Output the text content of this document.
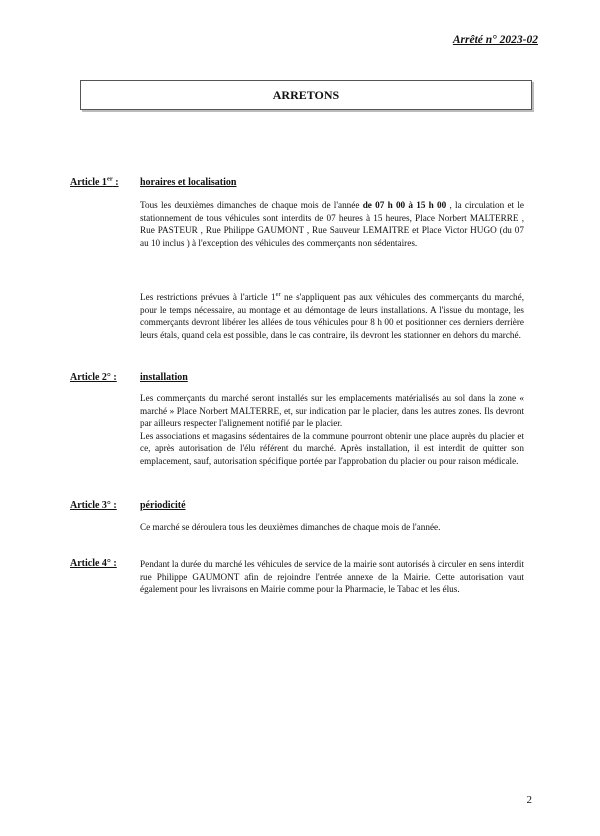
Arrêté n° 2023-02
ARRETONS
Article 1er : horaires et localisation

Tous les deuxièmes dimanches de chaque mois de l'année de 07 h 00 à 15 h 00 , la circulation et le stationnement de tous véhicules sont interdits de 07 heures à 15 heures, Place Norbert MALTERRE , Rue PASTEUR , Rue Philippe GAUMONT , Rue Sauveur LEMAITRE et Place Victor HUGO (du 07 au 10 inclus ) à l'exception des véhicules des commerçants non sédentaires.

Les restrictions prévues à l'article 1er ne s'appliquent pas aux véhicules des commerçants du marché, pour le temps nécessaire, au montage et au démontage de leurs installations. A l'issue du montage, les commerçants devront libérer les allées de tous véhicules pour 8 h 00 et positionner ces derniers derrière leurs étals, quand cela est possible, dans le cas contraire, ils devront les stationner en dehors du marché.

Article 2° : installation

Les commerçants du marché seront installés sur les emplacements matérialisés au sol dans la zone « marché » Place Norbert MALTERRE, et, sur indication par le placier, dans les autres zones. Ils devront par ailleurs respecter l'alignement notifié par le placier.

Les associations et magasins sédentaires de la commune pourront obtenir une place auprès du placier et ce, après autorisation de l'élu référent du marché. Après installation, il est interdit de quitter son emplacement, sauf, autorisation spécifique portée par l'approbation du placier ou pour raison médicale.

Article 3° : périodicité

Ce marché se déroulera tous les deuxièmes dimanches de chaque mois de l'année.

Article 4° :	Pendant la durée du marché les véhicules de service de la mairie sont autorisés à circuler en sens interdit rue Philippe GAUMONT afin de rejoindre l'entrée annexe de la Mairie. Cette autorisation vaut également pour les livraisons en Mairie comme pour la Pharmacie, le Tabac et les élus.

2
